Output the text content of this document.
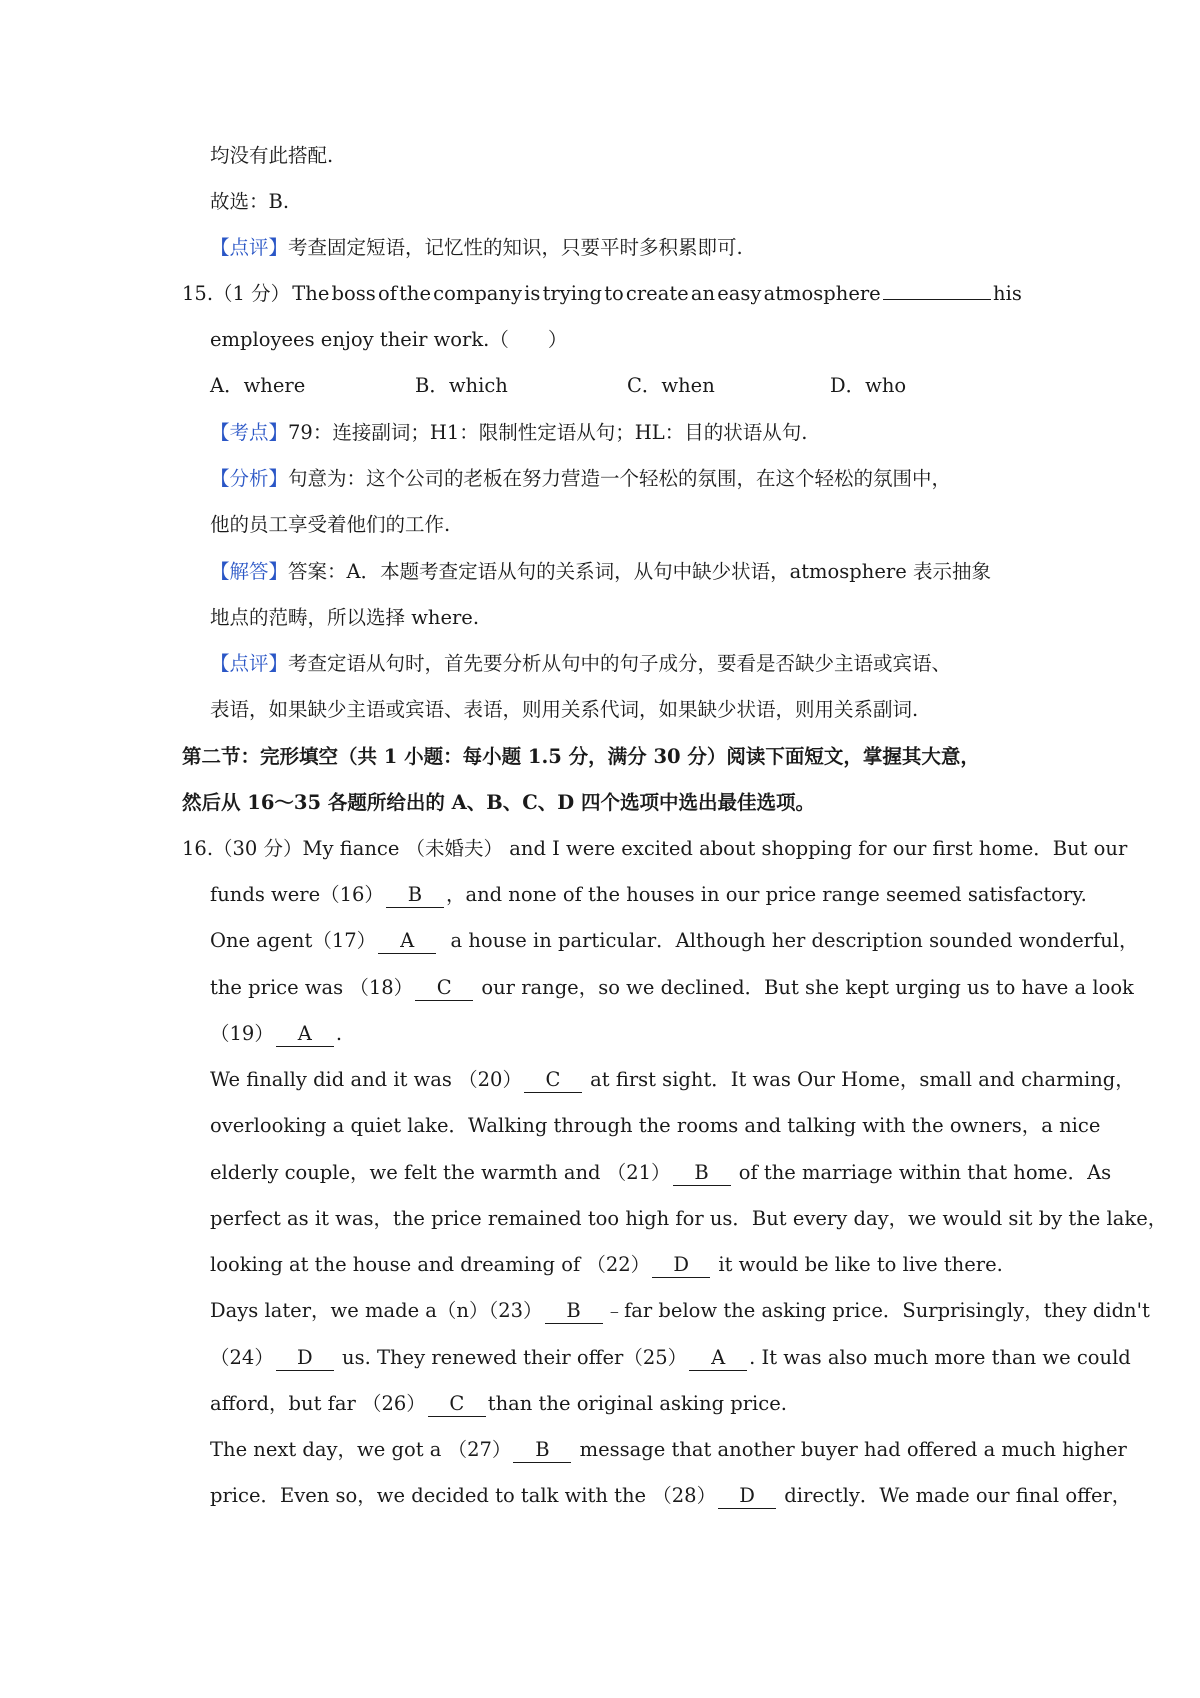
均没有此搭配.
故选：B.
【点评】考查固定短语，记忆性的知识，只要平时多积累即可.
15.（1 分） The boss of the company is trying to create an easy atmosphere	his
employees enjoy their work.（　　）
A．where	B．which	C．when	D．who
【考点】79：连接副词；H1：限制性定语从句；HL：目的状语从句.
【分析】句意为：这个公司的老板在努力营造一个轻松的氛围，在这个轻松的氛围中，
他的员工享受着他们的工作.
【解答】答案：A．本题考查定语从句的关系词，从句中缺少状语，atmosphere 表示抽象
地点的范畴，所以选择 where.
【点评】考查定语从句时，首先要分析从句中的句子成分，要看是否缺少主语或宾语、
表语，如果缺少主语或宾语、表语，则用关系代词，如果缺少状语，则用关系副词.
第二节：完形填空（共 1 小题：每小题 1.5 分，满分 30 分）阅读下面短文，掌握其大意，
然后从 16～35 各题所给出的 A、B、C、D 四个选项中选出最佳选项。
16.（30 分）My fiance （未婚夫） and I were excited about shopping for our first home．But our
funds were（16） B ，and none of the houses in our price range seemed satisfactory.
One agent（17） A a house in particular．Although her description sounded wonderful，
the price was （18） C our range，so we declined．But she kept urging us to have a look
（19） A .
We finally did and it was （20） C at first sight．It was Our Home，small and charming，
overlooking a quiet lake．Walking through the rooms and talking with the owners，a nice
elderly couple，we felt the warmth and （21） B of the marriage within that home．As
perfect as it was，the price remained too high for us．But every day，we would sit by the lake，
looking at the house and dreaming of （22） D it would be like to live there.
Days later，we made a（n）（23） B ﹣far below the asking price．Surprisingly，they didn't
（24） D us. They renewed their offer（25） A . It was also much more than we could
afford，but far （26） C than the original asking price.
The next day，we got a （27） B message that another buyer had offered a much higher
price．Even so，we decided to talk with the （28） D directly．We made our final offer，
